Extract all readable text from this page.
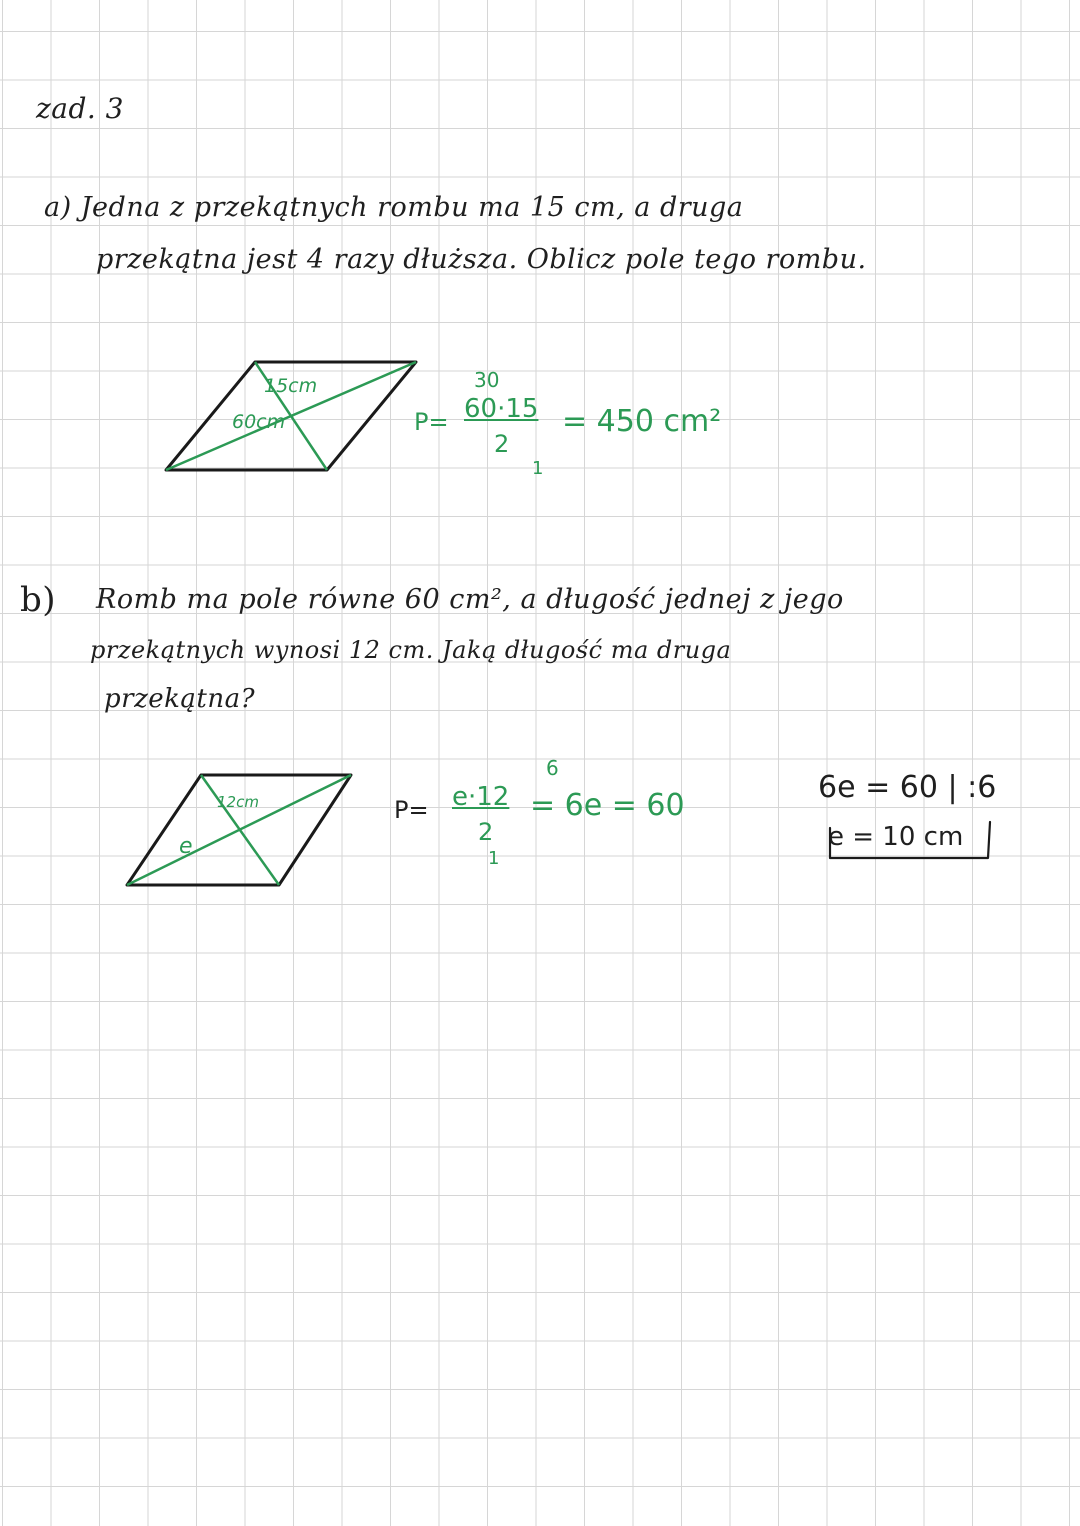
zad. 3
a) Jedna z przekątnych rombu ma 15 cm, a druga
przekątna jest 4 razy dłuższa. Oblicz pole tego rombu.
15cm
60cm	P=
30
60·15
2
1
= 450 cm²
b) Romb ma pole równe 60 cm², a długość jednej z jego
przekątnych wynosi 12 cm. Jaką długość ma druga
przekątna?
12cm
e
P=
6
e·12
2
1
= 6e = 60
6e = 60 | :6
e = 10 cm
